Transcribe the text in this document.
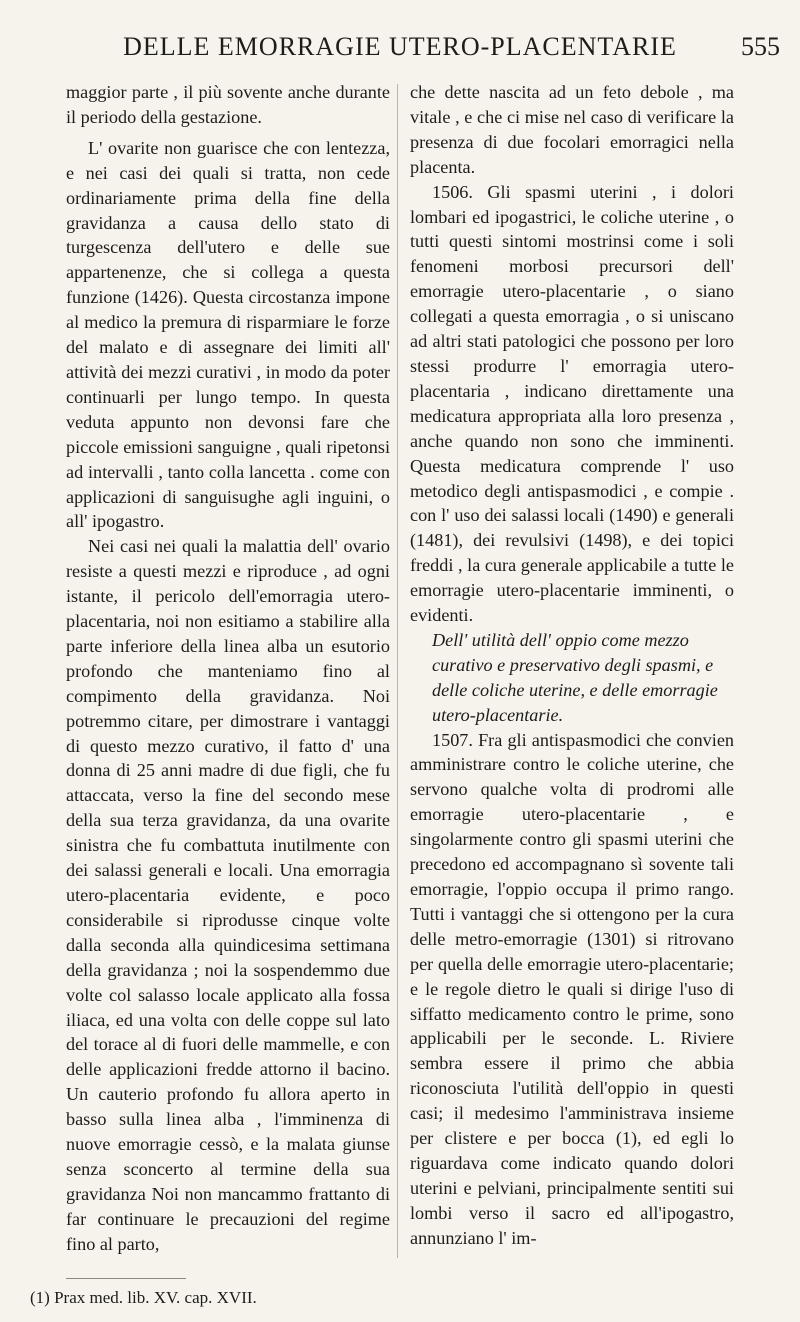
DELLE EMORRAGIE UTERO-PLACENTARIE 555

maggior parte , il più sovente anche durante il periodo della gestazione.

L' ovarite non guarisce che con lentezza, e nei casi dei quali si tratta, non cede ordinariamente prima della fine della gravidanza a causa dello stato di turgescenza dell'utero e delle sue appartenenze, che si collega a questa funzione (1426). Questa circostanza impone al medico la premura di risparmiare le forze del malato e di assegnare dei limiti all' attività dei mezzi curativi , in modo da poter continuarli per lungo tempo. In questa veduta appunto non devonsi fare che piccole emissioni sanguigne , quali ripetonsi ad intervalli , tanto colla lancetta . come con applicazioni di sanguisughe agli inguini, o all' ipogastro.

Nei casi nei quali la malattia dell' ovario resiste a questi mezzi e riproduce , ad ogni istante, il pericolo dell'emorragia utero-placentaria, noi non esitiamo a stabilire alla parte inferiore della linea alba un esutorio profondo che manteniamo fino al compimento della gravidanza. Noi potremmo citare, per dimostrare i vantaggi di questo mezzo curativo, il fatto d' una donna di 25 anni madre di due figli, che fu attaccata, verso la fine del secondo mese della sua terza gravidanza, da una ovarite sinistra che fu combattuta inutilmente con dei salassi generali e locali. Una emorragia utero-placentaria evidente, e poco considerabile si riprodusse cinque volte dalla seconda alla quindicesima settimana della gravidanza ; noi la sospendemmo due volte col salasso locale applicato alla fossa iliaca, ed una volta con delle coppe sul lato del torace al di fuori delle mammelle, e con delle applicazioni fredde attorno il bacino. Un cauterio profondo fu allora aperto in basso sulla linea alba , l'imminenza di nuove emorragie cessò, e la malata giunse senza sconcerto al termine della sua gravidanza Noi non mancammo frattanto di far continuare le precauzioni del regime fino al parto,

che dette nascita ad un feto debole , ma vitale , e che ci mise nel caso di verificare la presenza di due focolari emorragici nella placenta.

1506. Gli spasmi uterini , i dolori lombari ed ipogastrici, le coliche uterine , o tutti questi sintomi mostrinsi come i soli fenomeni morbosi precursori dell' emorragie utero-placentarie , o siano collegati a questa emorragia , o si uniscano ad altri stati patologici che possono per loro stessi produrre l' emorragia utero-placentaria , indicano direttamente una medicatura appropriata alla loro presenza , anche quando non sono che imminenti. Questa medicatura comprende l' uso metodico degli antispasmodici , e compie . con l' uso dei salassi locali (1490) e generali (1481), dei revulsivi (1498), e dei topici freddi , la cura generale applicabile a tutte le emorragie utero-placentarie imminenti, o evidenti.

Dell' utilità dell' oppio come mezzo curativo e preservativo degli spasmi, e delle coliche uterine, e delle emorragie utero-placentarie.

1507. Fra gli antispasmodici che convien amministrare contro le coliche uterine, che servono qualche volta di prodromi alle emorragie utero-placentarie , e singolarmente contro gli spasmi uterini che precedono ed accompagnano sì sovente tali emorragie, l'oppio occupa il primo rango. Tutti i vantaggi che si ottengono per la cura delle metro-emorragie (1301) si ritrovano per quella delle emorragie utero-placentarie; e le regole dietro le quali si dirige l'uso di siffatto medicamento contro le prime, sono applicabili per le seconde. L. Riviere sembra essere il primo che abbia riconosciuta l'utilità dell'oppio in questi casi; il medesimo l'amministrava insieme per clistere e per bocca (1), ed egli lo riguardava come indicato quando dolori uterini e pelviani, principalmente sentiti sui lombi verso il sacro ed all'ipogastro, annunziano l' im-

(1) Prax med. lib. XV. cap. XVII.
